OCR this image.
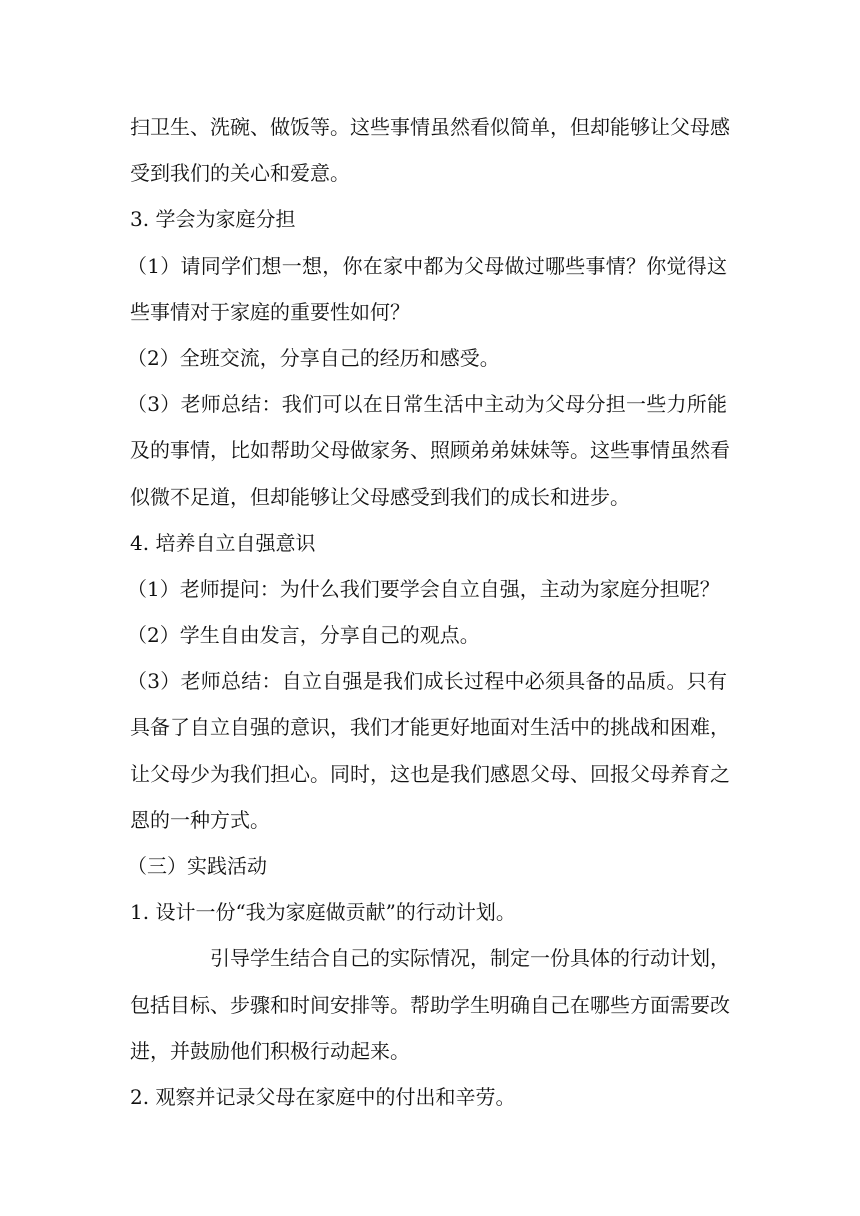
扫卫生、洗碗、做饭等。这些事情虽然看似简单，但却能够让父母感
受到我们的关心和爱意。
3. 学会为家庭分担
（1）请同学们想一想，你在家中都为父母做过哪些事情？你觉得这
些事情对于家庭的重要性如何？
（2）全班交流，分享自己的经历和感受。
（3）老师总结：我们可以在日常生活中主动为父母分担一些力所能
及的事情，比如帮助父母做家务、照顾弟弟妹妹等。这些事情虽然看
似微不足道，但却能够让父母感受到我们的成长和进步。
4. 培养自立自强意识
（1）老师提问：为什么我们要学会自立自强，主动为家庭分担呢？
（2）学生自由发言，分享自己的观点。
（3）老师总结：自立自强是我们成长过程中必须具备的品质。只有
具备了自立自强的意识，我们才能更好地面对生活中的挑战和困难，
让父母少为我们担心。同时，这也是我们感恩父母、回报父母养育之
恩的一种方式。
（三）实践活动
1. 设计一份“我为家庭做贡献”的行动计划。
引导学生结合自己的实际情况，制定一份具体的行动计划，
包括目标、步骤和时间安排等。帮助学生明确自己在哪些方面需要改
进，并鼓励他们积极行动起来。
2. 观察并记录父母在家庭中的付出和辛劳。
